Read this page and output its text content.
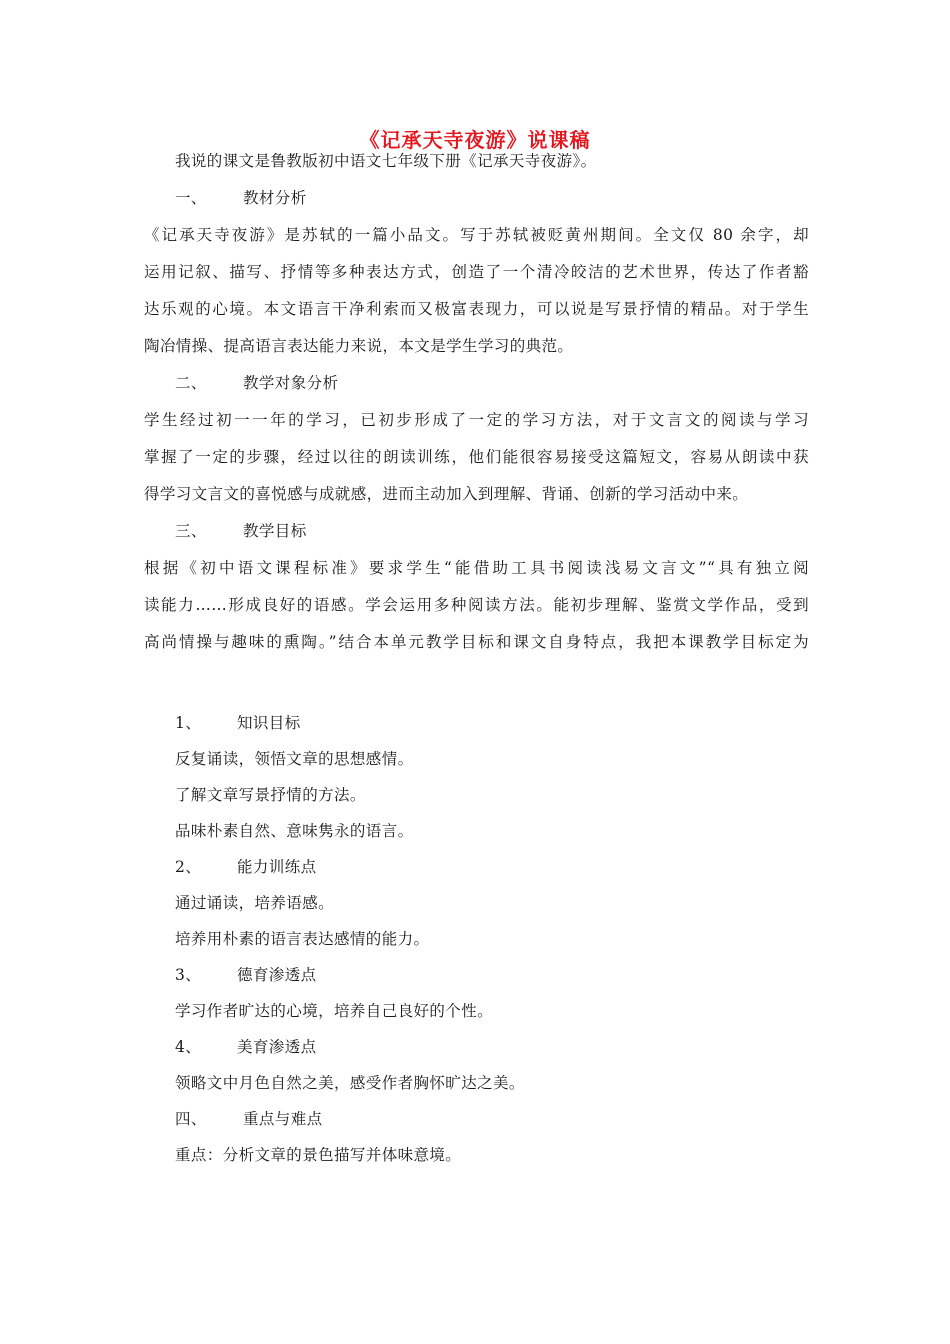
《记承天寺夜游》说课稿
我说的课文是鲁教版初中语文七年级下册《记承天寺夜游》。
一、 教材分析
《记承天寺夜游》是苏轼的一篇小品文。写于苏轼被贬黄州期间。全文仅 80 余字，却
运用记叙、描写、抒情等多种表达方式，创造了一个清冷皎洁的艺术世界，传达了作者豁
达乐观的心境。本文语言干净利索而又极富表现力，可以说是写景抒情的精品。对于学生
陶冶情操、提高语言表达能力来说，本文是学生学习的典范。
二、 教学对象分析
学生经过初一一年的学习，已初步形成了一定的学习方法，对于文言文的阅读与学习
掌握了一定的步骤，经过以往的朗读训练，他们能很容易接受这篇短文，容易从朗读中获
得学习文言文的喜悦感与成就感，进而主动加入到理解、背诵、创新的学习活动中来。
三、 教学目标
根据《初中语文课程标准》要求学生“能借助工具书阅读浅易文言文”“具有独立阅
读能力……形成良好的语感。学会运用多种阅读方法。能初步理解、鉴赏文学作品，受到
高尚情操与趣味的熏陶。”结合本单元教学目标和课文自身特点，我把本课教学目标定为
1、 知识目标
反复诵读，领悟文章的思想感情。
了解文章写景抒情的方法。
品味朴素自然、意味隽永的语言。
2、 能力训练点
通过诵读，培养语感。
培养用朴素的语言表达感情的能力。
3、 德育渗透点
学习作者旷达的心境，培养自己良好的个性。
4、 美育渗透点
领略文中月色自然之美，感受作者胸怀旷达之美。
四、 重点与难点
重点：分析文章的景色描写并体味意境。
